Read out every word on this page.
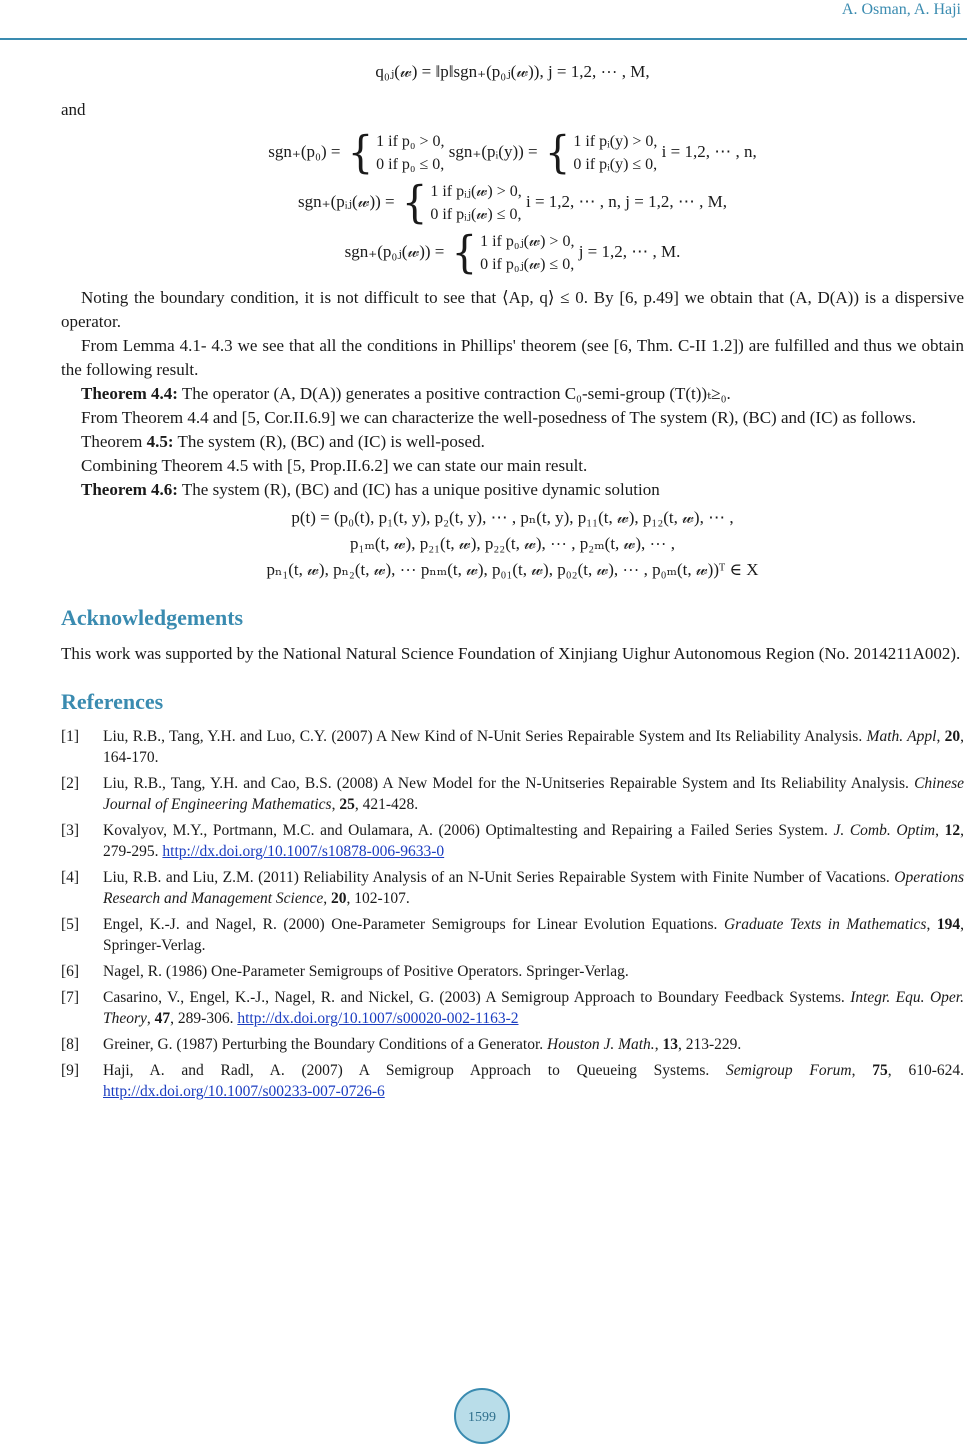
A. Osman, A. Haji
q₀ⱼ(𝓌) = ‖p‖sgn₊(p₀ⱼ(𝓌)), j = 1,2, ⋯ , M,
and
sgn₊(p₀) = { 1 if p₀ > 0,
0 if p₀ ≤ 0,
sgn₊(pᵢ(y)) = { 1 if pᵢ(y) > 0,
0 if pᵢ(y) ≤ 0,
i = 1,2, ⋯ , n,
sgn₊(pᵢⱼ(𝓌)) = { 1 if pᵢⱼ(𝓌) > 0,
0 if pᵢⱼ(𝓌) ≤ 0,
i = 1,2, ⋯ , n, j = 1,2, ⋯ , M,
sgn₊(p₀ⱼ(𝓌)) = { 1 if p₀ⱼ(𝓌) > 0,
0 if p₀ⱼ(𝓌) ≤ 0,
j = 1,2, ⋯ , M.

Noting the boundary condition, it is not difficult to see that ⟨Ap, q⟩ ≤ 0. By [6, p.49] we obtain that (A, D(A)) is a dispersive operator.

From Lemma 4.1- 4.3 we see that all the conditions in Phillips' theorem (see [6, Thm. C-II 1.2]) are fulfilled and thus we obtain the following result.

Theorem 4.4: The operator (A, D(A)) generates a positive contraction C₀-semi-group (T(t))ₜ≥₀.

From Theorem 4.4 and [5, Cor.II.6.9] we can characterize the well-posedness of The system (R), (BC) and (IC) as follows.

Theorem 4.5: The system (R), (BC) and (IC) is well-posed.

Combining Theorem 4.5 with [5, Prop.II.6.2] we can state our main result.

Theorem 4.6: The system (R), (BC) and (IC) has a unique positive dynamic solution

p(t) = (p₀(t), p₁(t, y), p₂(t, y), ⋯ , pₙ(t, y), p₁₁(t, 𝓌), p₁₂(t, 𝓌), ⋯ ,
p₁ₘ(t, 𝓌), p₂₁(t, 𝓌), p₂₂(t, 𝓌), ⋯ , p₂ₘ(t, 𝓌), ⋯ ,
pₙ₁(t, 𝓌), pₙ₂(t, 𝓌), ⋯ pₙₘ(t, 𝓌), p₀₁(t, 𝓌), p₀₂(t, 𝓌), ⋯ , p₀ₘ(t, 𝓌))ᵀ ∈ X
Acknowledgements

This work was supported by the National Natural Science Foundation of Xinjiang Uighur Autonomous Region (No. 2014211A002).

References
[1]	Liu, R.B., Tang, Y.H. and Luo, C.Y. (2007) A New Kind of N-Unit Series Repairable System and Its Reliability Analysis. Math. Appl, 20, 164-170.
[2]	Liu, R.B., Tang, Y.H. and Cao, B.S. (2008) A New Model for the N-Unitseries Repairable System and Its Reliability Analysis. Chinese Journal of Engineering Mathematics, 25, 421-428.
[3]	Kovalyov, M.Y., Portmann, M.C. and Oulamara, A. (2006) Optimaltesting and Repairing a Failed Series System. J. Comb. Optim, 12, 279-295. http://dx.doi.org/10.1007/s10878-006-9633-0
[4]	Liu, R.B. and Liu, Z.M. (2011) Reliability Analysis of an N-Unit Series Repairable System with Finite Number of Vacations. Operations Research and Management Science, 20, 102-107.
[5]	Engel, K.-J. and Nagel, R. (2000) One-Parameter Semigroups for Linear Evolution Equations. Graduate Texts in Mathematics, 194, Springer-Verlag.
[6]	Nagel, R. (1986) One-Parameter Semigroups of Positive Operators. Springer-Verlag.
[7]	Casarino, V., Engel, K.-J., Nagel, R. and Nickel, G. (2003) A Semigroup Approach to Boundary Feedback Systems. Integr. Equ. Oper. Theory, 47, 289-306. http://dx.doi.org/10.1007/s00020-002-1163-2
[8]	Greiner, G. (1987) Perturbing the Boundary Conditions of a Generator. Houston J. Math., 13, 213-229.
[9]	Haji, A. and Radl, A. (2007) A Semigroup Approach to Queueing Systems. Semigroup Forum, 75, 610-624. http://dx.doi.org/10.1007/s00233-007-0726-6
1599
